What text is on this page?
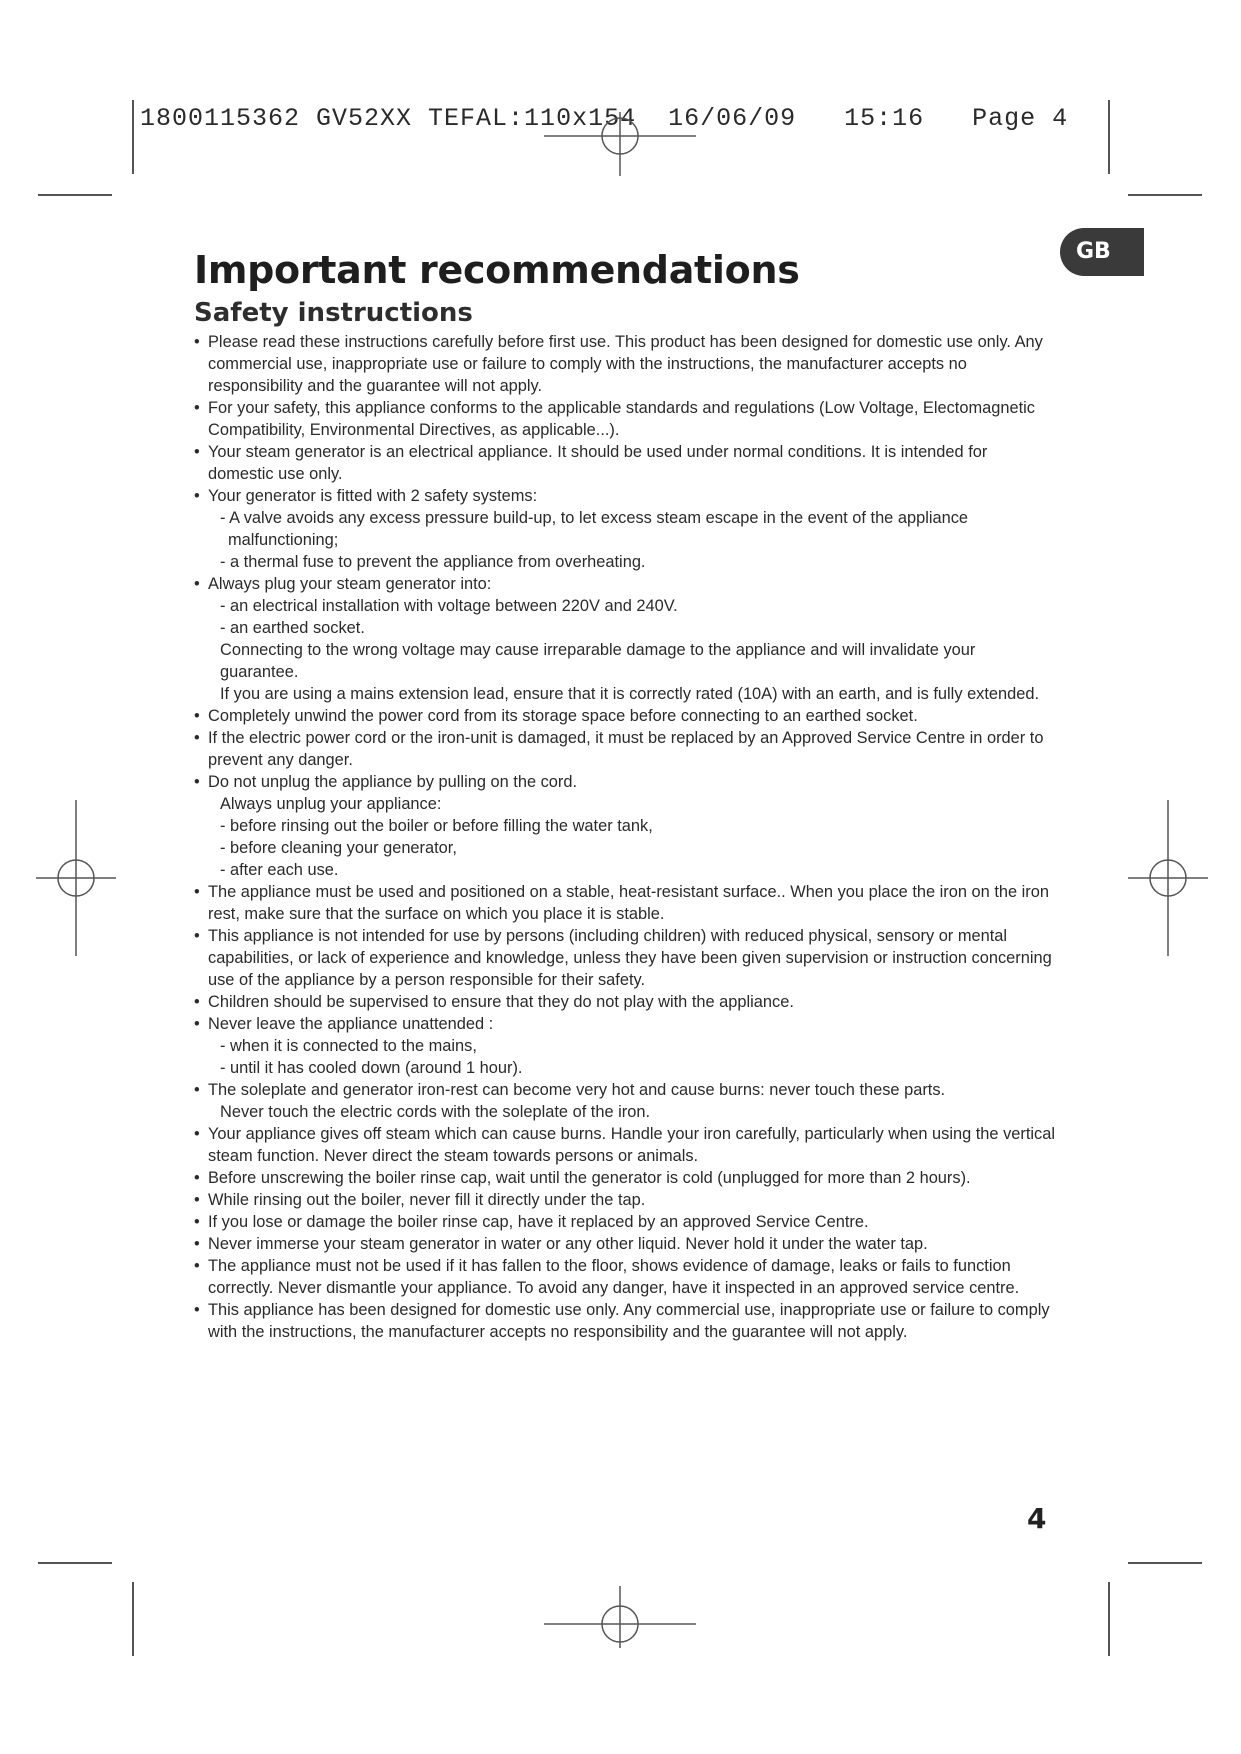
1800115362 GV52XX TEFAL:110x154  16/06/09   15:16   Page 4
GB
Important recommendations
Safety instructions
• Please read these instructions carefully before first use. This product has been designed for domestic use only. Any commercial use, inappropriate use or failure to comply with the instructions, the manufacturer accepts no responsibility and the guarantee will not apply.
• For your safety, this appliance conforms to the applicable standards and regulations (Low Voltage, Electomagnetic Compatibility, Environmental Directives, as applicable...).
• Your steam generator is an electrical appliance. It should be used under normal conditions. It is intended for domestic use only.
• Your generator is fitted with 2 safety systems:
- A valve avoids any excess pressure build-up, to let excess steam escape in the event of the appliance malfunctioning;
- a thermal fuse to prevent the appliance from overheating.
• Always plug your steam generator into:
- an electrical installation with voltage between 220V and 240V.
- an earthed socket.
Connecting to the wrong voltage may cause irreparable damage to the appliance and will invalidate your guarantee.
If you are using a mains extension lead, ensure that it is correctly rated (10A) with an earth, and is fully extended.
• Completely unwind the power cord from its storage space before connecting to an earthed socket.
• If the electric power cord or the iron-unit is damaged, it must be replaced by an Approved Service Centre in order to prevent any danger.
• Do not unplug the appliance by pulling on the cord.
Always unplug your appliance:
- before rinsing out the boiler or before filling the water tank,
- before cleaning your generator,
- after each use.
• The appliance must be used and positioned on a stable, heat-resistant surface.. When you place the iron on the iron rest, make sure that the surface on which you place it is stable.
• This appliance is not intended for use by persons (including children) with reduced physical, sensory or mental capabilities, or lack of experience and knowledge, unless they have been given supervision or instruction concerning use of the appliance by a person responsible for their safety.
• Children should be supervised to ensure that they do not play with the appliance.
• Never leave the appliance unattended :
- when it is connected to the mains,
- until it has cooled down (around 1 hour).
• The soleplate and generator iron-rest can become very hot and cause burns: never touch these parts.
Never touch the electric cords with the soleplate of the iron.
• Your appliance gives off steam which can cause burns. Handle your iron carefully, particularly when using the vertical steam function. Never direct the steam towards persons or animals.
• Before unscrewing the boiler rinse cap, wait until the generator is cold (unplugged for more than 2 hours).
• While rinsing out the boiler, never fill it directly under the tap.
• If you lose or damage the boiler rinse cap, have it replaced by an approved Service Centre.
• Never immerse your steam generator in water or any other liquid. Never hold it under the water tap.
• The appliance must not be used if it has fallen to the floor, shows evidence of damage, leaks or fails to function correctly. Never dismantle your appliance. To avoid any danger, have it inspected in an approved service centre.
• This appliance has been designed for domestic use only. Any commercial use, inappropriate use or failure to comply with the instructions, the manufacturer accepts no responsibility and the guarantee will not apply.
4
